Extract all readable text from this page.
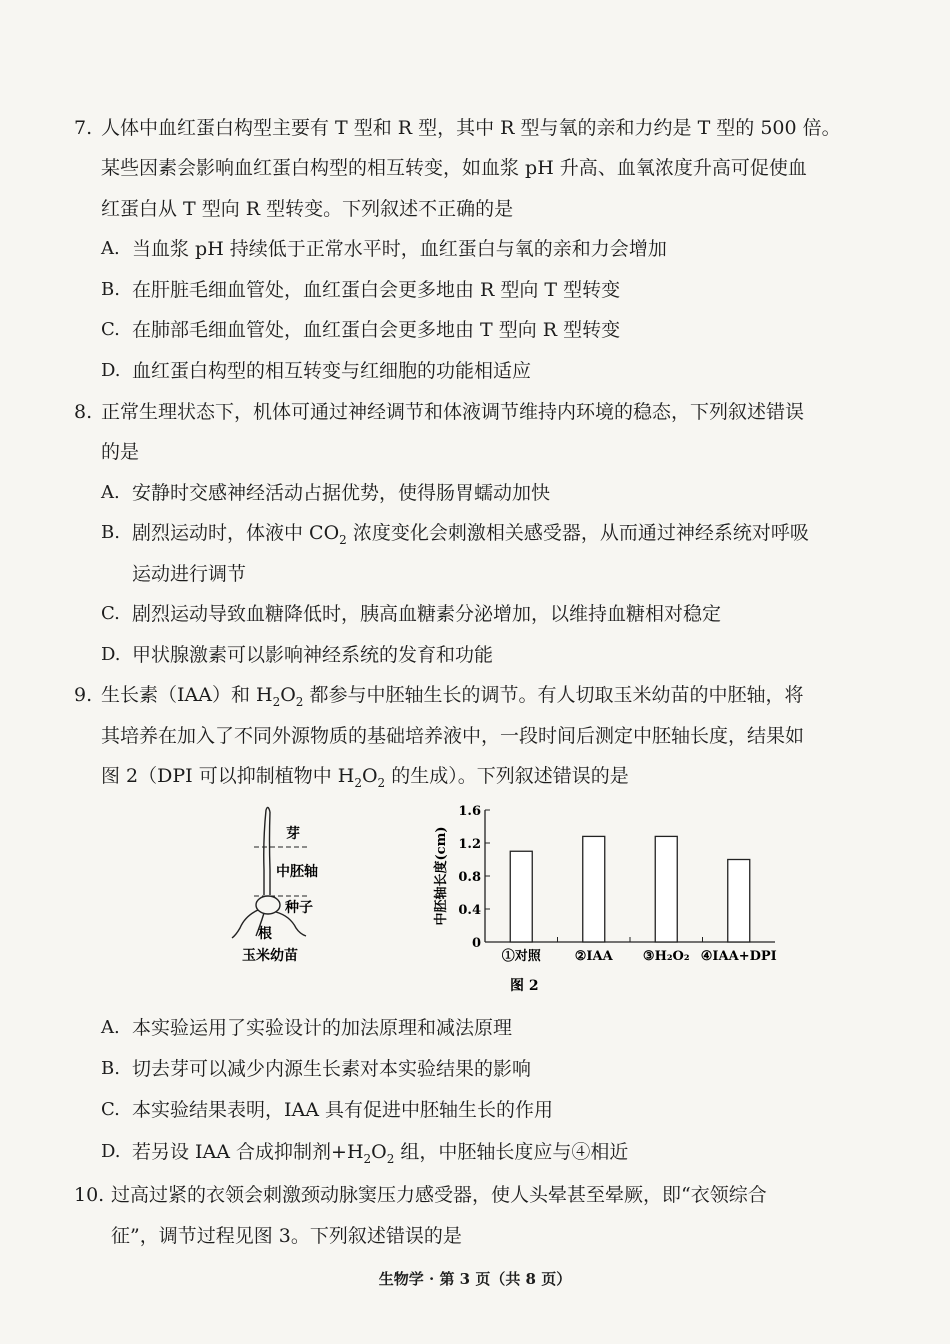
7. 人体中血红蛋白构型主要有 T 型和 R 型，其中 R 型与氧的亲和力约是 T 型的 500 倍。
某些因素会影响血红蛋白构型的相互转变，如血浆 pH 升高、血氧浓度升高可促使血
红蛋白从 T 型向 R 型转变。下列叙述不正确的是
A. 当血浆 pH 持续低于正常水平时，血红蛋白与氧的亲和力会增加
B. 在肝脏毛细血管处，血红蛋白会更多地由 R 型向 T 型转变
C. 在肺部毛细血管处，血红蛋白会更多地由 T 型向 R 型转变
D. 血红蛋白构型的相互转变与红细胞的功能相适应
8. 正常生理状态下，机体可通过神经调节和体液调节维持内环境的稳态，下列叙述错误
的是
A. 安静时交感神经活动占据优势，使得肠胃蠕动加快
B. 剧烈运动时，体液中 $CO_2$ 浓度变化会刺激相关感受器，从而通过神经系统对呼吸
运动进行调节
C. 剧烈运动导致血糖降低时，胰高血糖素分泌增加，以维持血糖相对稳定
D. 甲状腺激素可以影响神经系统的发育和功能
9. 生长素（IAA）和 $H_2O_2$ 都参与中胚轴生长的调节。有人切取玉米幼苗的中胚轴，将
其培养在加入了不同外源物质的基础培养液中，一段时间后测定中胚轴长度，结果如
图 2（DPI 可以抑制植物中 $H_2O_2$ 的生成）。下列叙述错误的是
芽
中胚轴
种子
根
玉米幼苗
中胚轴长度(cm)
0
0.4
0.8
1.2
1.6
①对照	②IAA ③H₂O₂ ④IAA+DPI
图 2
A. 本实验运用了实验设计的加法原理和减法原理
B. 切去芽可以减少内源生长素对本实验结果的影响
C. 本实验结果表明，IAA 具有促进中胚轴生长的作用
D. 若另设 IAA 合成抑制剂$+H_2O_2$ 组，中胚轴长度应与④相近
10. 过高过紧的衣领会刺激颈动脉窦压力感受器，使人头晕甚至晕厥，即“衣领综合
征”，调节过程见图 3。下列叙述错误的是
生物学 · 第 3 页（共 8 页）
